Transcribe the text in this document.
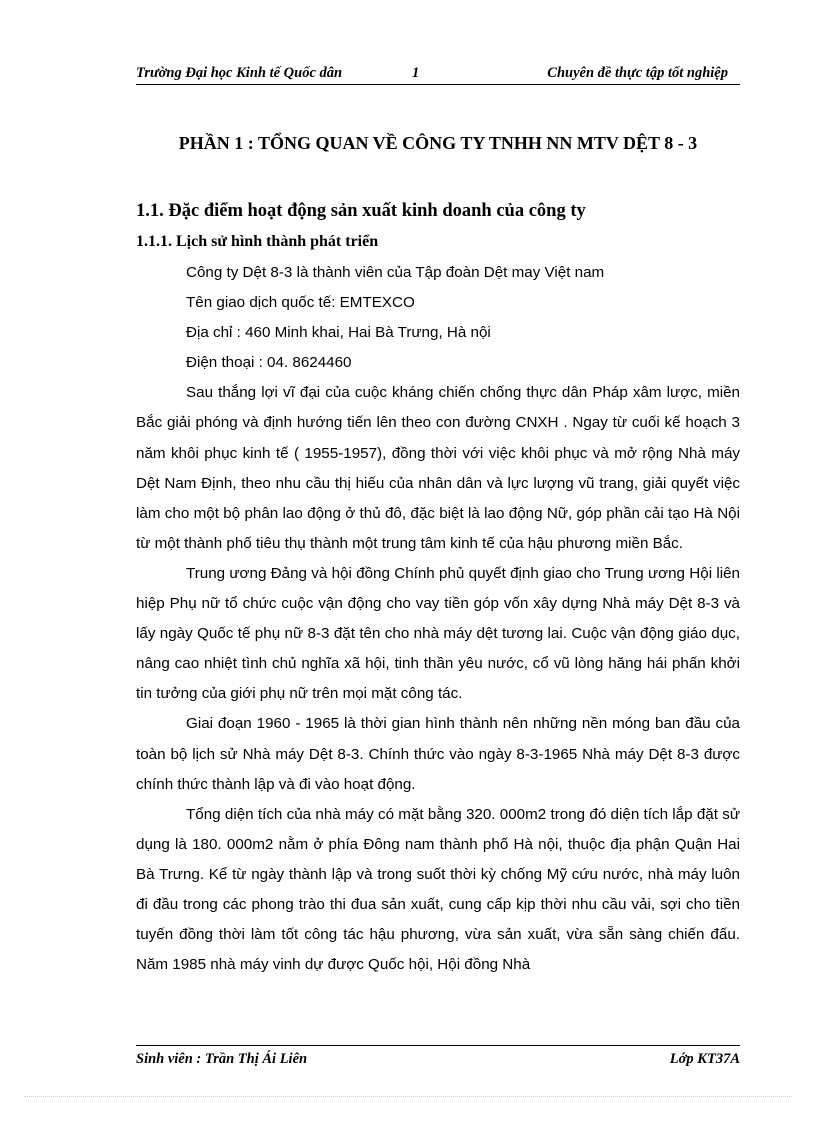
Trường Đại học Kinh tế Quốc dân	1	Chuyên đề thực tập tốt nghiệp
PHẦN 1 : TỔNG QUAN VỀ CÔNG TY TNHH NN MTV DỆT 8 - 3
1.1. Đặc điểm hoạt động sản xuất kinh doanh của công ty
1.1.1. Lịch sử hình thành phát triển

Công ty Dệt 8-3 là thành viên của Tập đoàn Dệt may Việt nam

Tên giao dịch quốc tế: EMTEXCO

Địa chỉ : 460 Minh khai, Hai Bà Trưng, Hà nội

Điện thoại : 04. 8624460

Sau thắng lợi vĩ đại của cuộc kháng chiến chống thực dân Pháp xâm lược, miền Bắc giải phóng và định hướng tiến lên theo con đường CNXH . Ngay từ cuối kế hoạch 3 năm khôi phục kinh tế ( 1955-1957), đồng thời với việc khôi phục và mở rộng Nhà máy Dệt Nam Định, theo nhu cầu thị hiếu của nhân dân và lực lượng vũ trang, giải quyết việc làm cho một bộ phân lao động ở thủ đô, đặc biệt là lao động Nữ, góp phần cải tạo Hà Nội từ một thành phố tiêu thụ thành một trung tâm kinh tế của hậu phương miền Bắc.

Trung ương Đảng và hội đồng Chính phủ quyết định giao cho Trung ương Hội liên hiệp Phụ nữ tổ chức cuộc vận động cho vay tiền góp vốn xây dựng Nhà máy Dệt 8-3 và lấy ngày Quốc tế phụ nữ 8-3 đặt tên cho nhà máy dệt tương lai. Cuộc vận động giáo dục, nâng cao nhiệt tình chủ nghĩa xã hội, tinh thần yêu nước, cổ vũ lòng hăng hái phấn khởi tin tưởng của giới phụ nữ trên mọi mặt công tác.

Giai đoạn 1960 - 1965 là thời gian hình thành nên những nền móng ban đầu của toàn bộ lịch sử Nhà máy Dệt 8-3. Chính thức vào ngày 8-3-1965 Nhà máy Dệt 8-3 được chính thức thành lập và đi vào hoạt động.

Tổng diện tích của nhà máy có mặt bằng 320. 000m2 trong đó diện tích lắp đặt sử dụng là 180. 000m2 nằm ở phía Đông nam thành phố Hà nội, thuộc địa phận Quận Hai Bà Trưng. Kể từ ngày thành lập và trong suốt thời kỳ chống Mỹ cứu nước, nhà máy luôn đi đầu trong các phong trào thi đua sản xuất, cung cấp kịp thời nhu cầu vải, sợi cho tiền tuyến đồng thời làm tốt công tác hậu phương, vừa sản xuất, vừa sẵn sàng chiến đấu. Năm 1985 nhà máy vinh dự được Quốc hội, Hội đồng Nhà

Sinh viên : Trần Thị Ái Liên	Lớp KT37A
